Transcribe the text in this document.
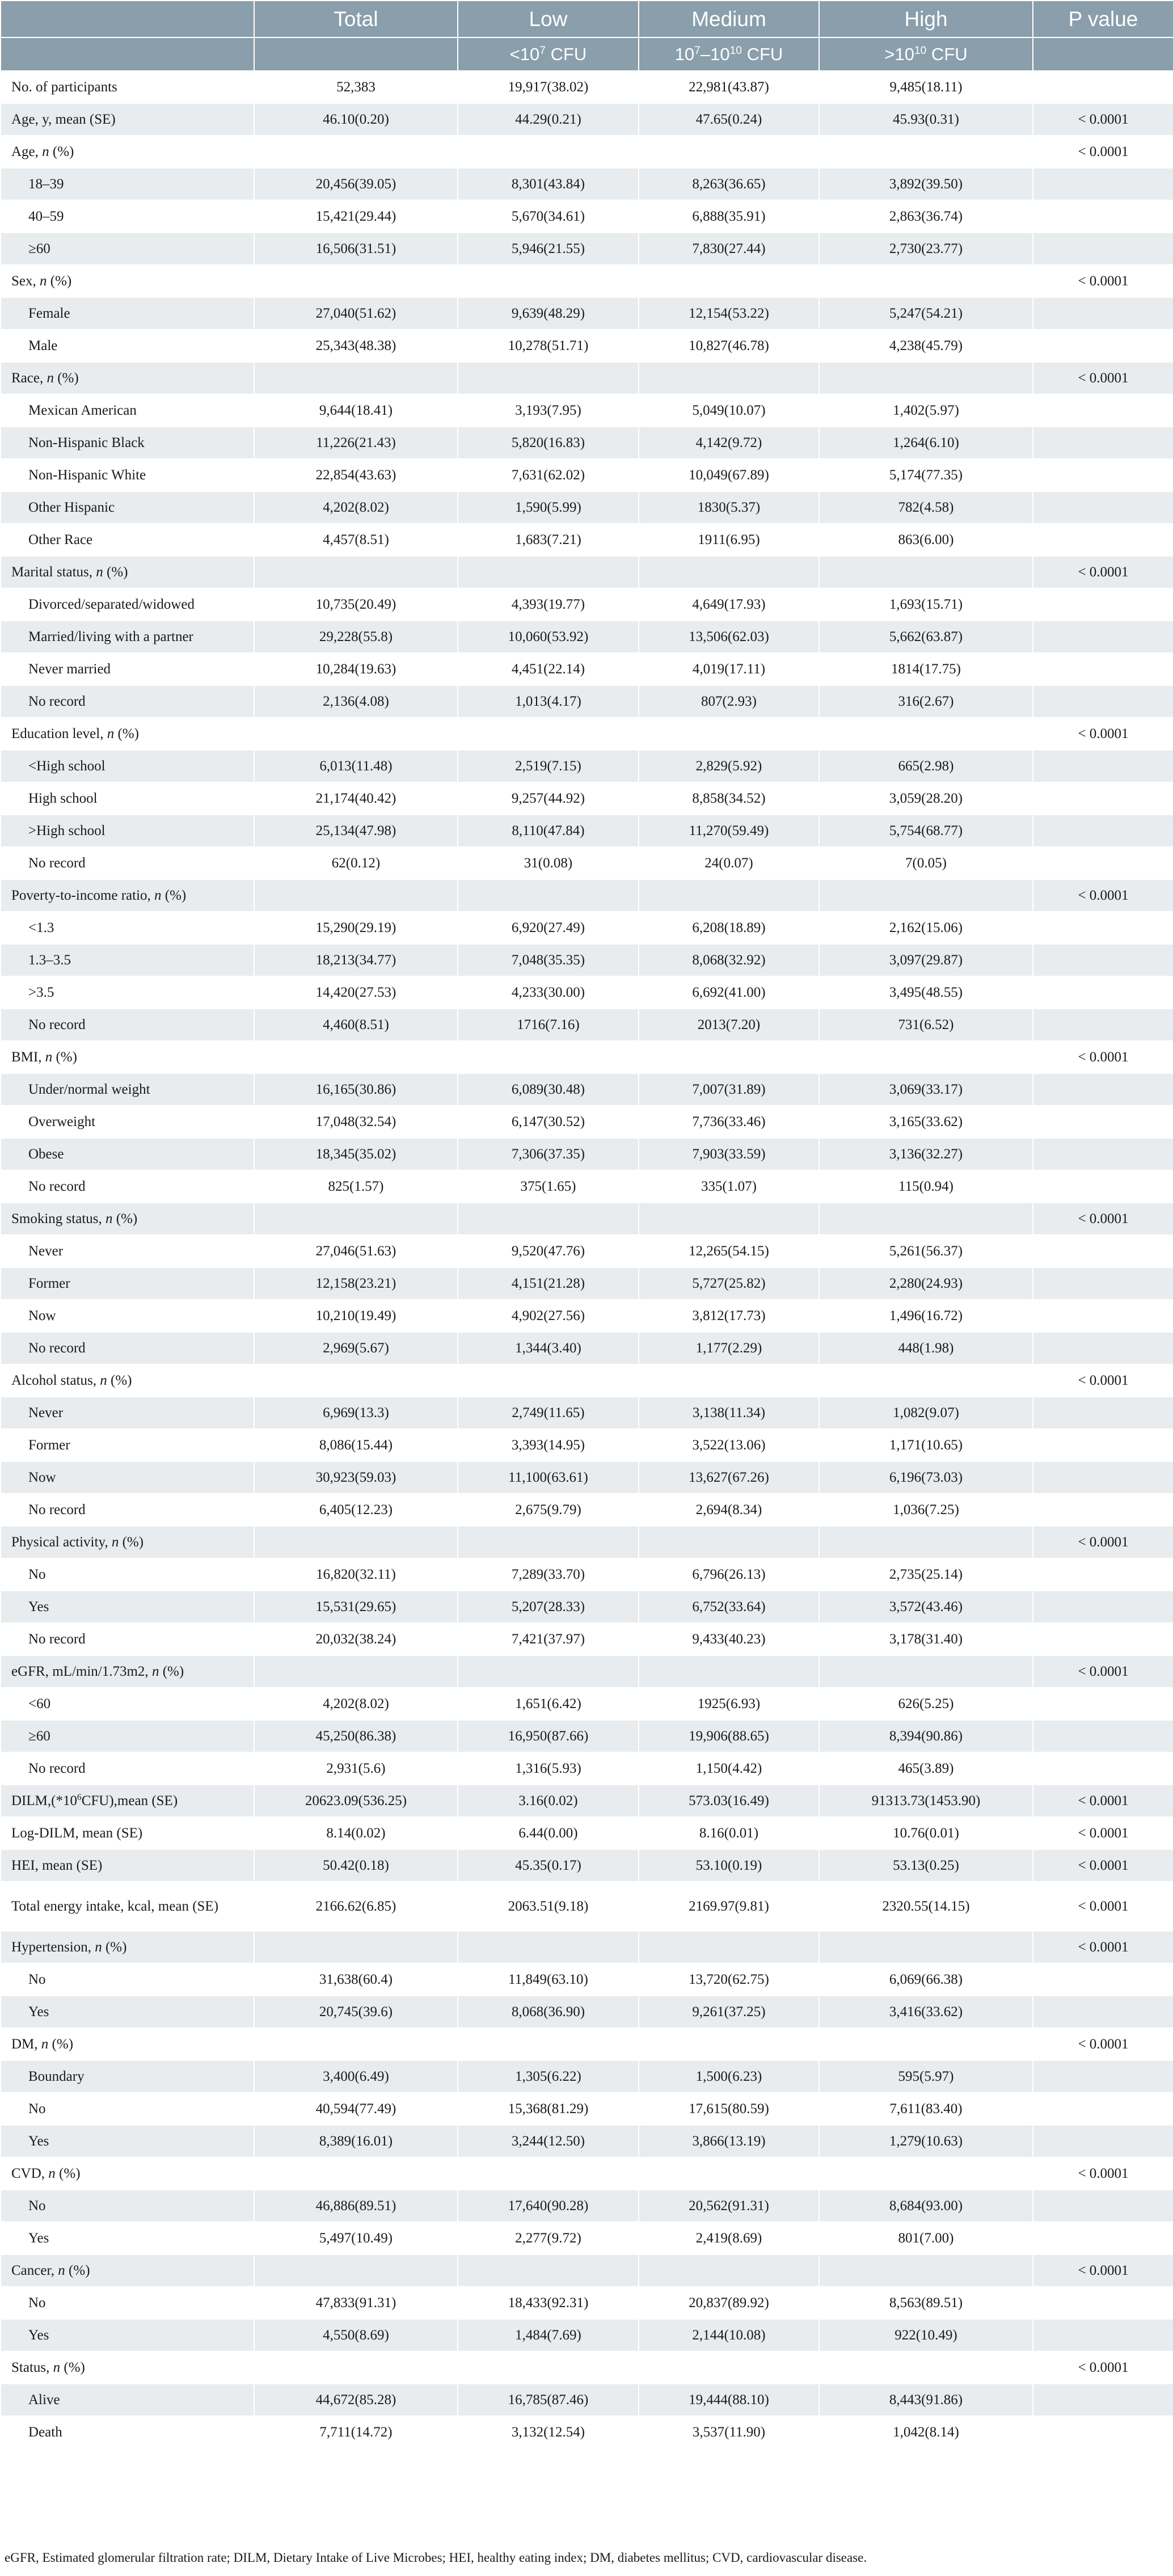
	Total	Low	Medium	High	P value
		$<10^7$ CFU	$10^7-10^{10}$ CFU	$>10^{10}$ CFU	
No. of participants	52,383	19,917(38.02)	22,981(43.87)	9,485(18.11)	
Age, y, mean (SE)	46.10(0.20)	44.29(0.21)	47.65(0.24)	45.93(0.31)	< 0.0001
Age, n (%)					< 0.0001
18–39	20,456(39.05)	8,301(43.84)	8,263(36.65)	3,892(39.50)	
40–59	15,421(29.44)	5,670(34.61)	6,888(35.91)	2,863(36.74)	
≥60	16,506(31.51)	5,946(21.55)	7,830(27.44)	2,730(23.77)	
Sex, n (%)					< 0.0001
Female	27,040(51.62)	9,639(48.29)	12,154(53.22)	5,247(54.21)	
Male	25,343(48.38)	10,278(51.71)	10,827(46.78)	4,238(45.79)	
Race, n (%)					< 0.0001
Mexican American	9,644(18.41)	3,193(7.95)	5,049(10.07)	1,402(5.97)	
Non-Hispanic Black	11,226(21.43)	5,820(16.83)	4,142(9.72)	1,264(6.10)	
Non-Hispanic White	22,854(43.63)	7,631(62.02)	10,049(67.89)	5,174(77.35)	
Other Hispanic	4,202(8.02)	1,590(5.99)	1830(5.37)	782(4.58)	
Other Race	4,457(8.51)	1,683(7.21)	1911(6.95)	863(6.00)	
Marital status, n (%)					< 0.0001
Divorced/separated/widowed	10,735(20.49)	4,393(19.77)	4,649(17.93)	1,693(15.71)	
Married/living with a partner	29,228(55.8)	10,060(53.92)	13,506(62.03)	5,662(63.87)	
Never married	10,284(19.63)	4,451(22.14)	4,019(17.11)	1814(17.75)	
No record	2,136(4.08)	1,013(4.17)	807(2.93)	316(2.67)	
Education level, n (%)					< 0.0001
<High school	6,013(11.48)	2,519(7.15)	2,829(5.92)	665(2.98)	
High school	21,174(40.42)	9,257(44.92)	8,858(34.52)	3,059(28.20)	
>High school	25,134(47.98)	8,110(47.84)	11,270(59.49)	5,754(68.77)	
No record	62(0.12)	31(0.08)	24(0.07)	7(0.05)	
Poverty-to-income ratio, n (%)					< 0.0001
<1.3	15,290(29.19)	6,920(27.49)	6,208(18.89)	2,162(15.06)	
1.3–3.5	18,213(34.77)	7,048(35.35)	8,068(32.92)	3,097(29.87)	
>3.5	14,420(27.53)	4,233(30.00)	6,692(41.00)	3,495(48.55)	
No record	4,460(8.51)	1716(7.16)	2013(7.20)	731(6.52)	
BMI, n (%)					< 0.0001
Under/normal weight	16,165(30.86)	6,089(30.48)	7,007(31.89)	3,069(33.17)	
Overweight	17,048(32.54)	6,147(30.52)	7,736(33.46)	3,165(33.62)	
Obese	18,345(35.02)	7,306(37.35)	7,903(33.59)	3,136(32.27)	
No record	825(1.57)	375(1.65)	335(1.07)	115(0.94)	
Smoking status, n (%)					< 0.0001
Never	27,046(51.63)	9,520(47.76)	12,265(54.15)	5,261(56.37)	
Former	12,158(23.21)	4,151(21.28)	5,727(25.82)	2,280(24.93)	
Now	10,210(19.49)	4,902(27.56)	3,812(17.73)	1,496(16.72)	
No record	2,969(5.67)	1,344(3.40)	1,177(2.29)	448(1.98)	
Alcohol status, n (%)					< 0.0001
Never	6,969(13.3)	2,749(11.65)	3,138(11.34)	1,082(9.07)	
Former	8,086(15.44)	3,393(14.95)	3,522(13.06)	1,171(10.65)	
Now	30,923(59.03)	11,100(63.61)	13,627(67.26)	6,196(73.03)	
No record	6,405(12.23)	2,675(9.79)	2,694(8.34)	1,036(7.25)	
Physical activity, n (%)					< 0.0001
No	16,820(32.11)	7,289(33.70)	6,796(26.13)	2,735(25.14)	
Yes	15,531(29.65)	5,207(28.33)	6,752(33.64)	3,572(43.46)	
No record	20,032(38.24)	7,421(37.97)	9,433(40.23)	3,178(31.40)	
eGFR, mL/min/1.73m2, n (%)					< 0.0001
<60	4,202(8.02)	1,651(6.42)	1925(6.93)	626(5.25)	
≥60	45,250(86.38)	16,950(87.66)	19,906(88.65)	8,394(90.86)	
No record	2,931(5.6)	1,316(5.93)	1,150(4.42)	465(3.89)	
$DILM,(*10^6CFU),mean$ (SE)	20623.09(536.25)	3.16(0.02)	573.03(16.49)	91313.73(1453.90)	< 0.0001
Log-DILM, mean (SE)	8.14(0.02)	6.44(0.00)	8.16(0.01)	10.76(0.01)	< 0.0001
HEI, mean (SE)	50.42(0.18)	45.35(0.17)	53.10(0.19)	53.13(0.25)	< 0.0001
Total energy intake, kcal, mean (SE)	2166.62(6.85)	2063.51(9.18)	2169.97(9.81)	2320.55(14.15)	< 0.0001
Hypertension, n (%)					< 0.0001
No	31,638(60.4)	11,849(63.10)	13,720(62.75)	6,069(66.38)	
Yes	20,745(39.6)	8,068(36.90)	9,261(37.25)	3,416(33.62)	
DM, n (%)					< 0.0001
Boundary	3,400(6.49)	1,305(6.22)	1,500(6.23)	595(5.97)	
No	40,594(77.49)	15,368(81.29)	17,615(80.59)	7,611(83.40)	
Yes	8,389(16.01)	3,244(12.50)	3,866(13.19)	1,279(10.63)	
CVD, n (%)					< 0.0001
No	46,886(89.51)	17,640(90.28)	20,562(91.31)	8,684(93.00)	
Yes	5,497(10.49)	2,277(9.72)	2,419(8.69)	801(7.00)	
Cancer, n (%)					< 0.0001
No	47,833(91.31)	18,433(92.31)	20,837(89.92)	8,563(89.51)	
Yes	4,550(8.69)	1,484(7.69)	2,144(10.08)	922(10.49)	
Status, n (%)					< 0.0001
Alive	44,672(85.28)	16,785(87.46)	19,444(88.10)	8,443(91.86)	
Death	7,711(14.72)	3,132(12.54)	3,537(11.90)	1,042(8.14)	
eGFR, Estimated glomerular filtration rate; DILM, Dietary Intake of Live Microbes; HEI, healthy eating index; DM, diabetes mellitus; CVD, cardiovascular disease.
